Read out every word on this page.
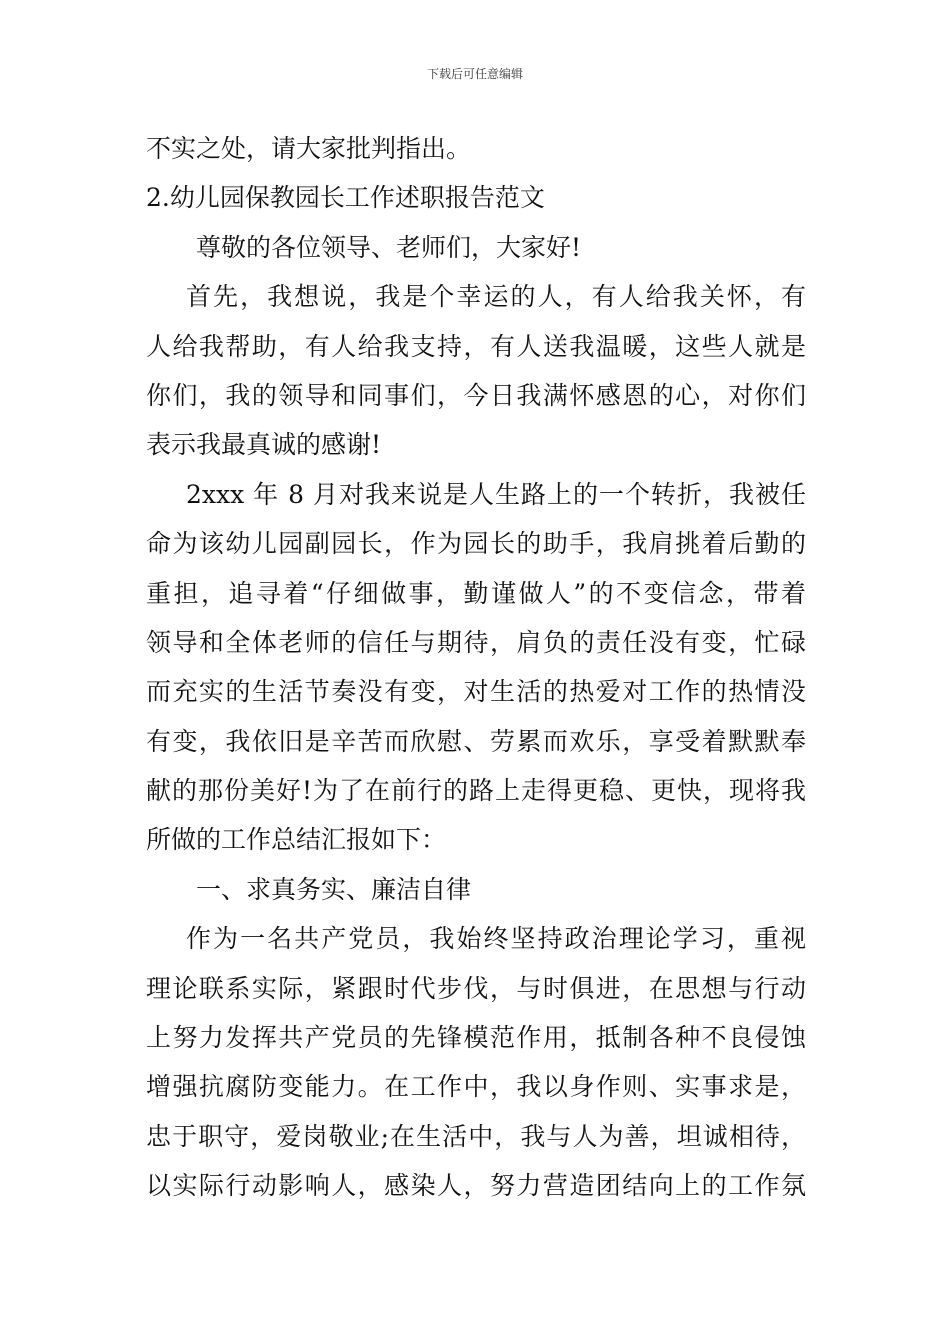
下载后可任意编辑
不实之处，请大家批判指出。
2.幼儿园保教园长工作述职报告范文
尊敬的各位领导、老师们，大家好!
首先，我想说，我是个幸运的人，有人给我关怀，有
人给我帮助，有人给我支持，有人送我温暖，这些人就是
你们，我的领导和同事们，今日我满怀感恩的心，对你们
表示我最真诚的感谢!
2xxx 年 8 月对我来说是人生路上的一个转折，我被任
命为该幼儿园副园长，作为园长的助手，我肩挑着后勤的
重担，追寻着“仔细做事，勤谨做人”的不变信念，带着
领导和全体老师的信任与期待，肩负的责任没有变，忙碌
而充实的生活节奏没有变，对生活的热爱对工作的热情没
有变，我依旧是辛苦而欣慰、劳累而欢乐，享受着默默奉
献的那份美好!为了在前行的路上走得更稳、更快，现将我
所做的工作总结汇报如下：
一、求真务实、廉洁自律
作为一名共产党员，我始终坚持政治理论学习，重视
理论联系实际，紧跟时代步伐，与时俱进，在思想与行动
上努力发挥共产党员的先锋模范作用，抵制各种不良侵蚀
增强抗腐防变能力。在工作中，我以身作则、实事求是，
忠于职守，爱岗敬业;在生活中，我与人为善，坦诚相待，
以实际行动影响人，感染人，努力营造团结向上的工作氛
